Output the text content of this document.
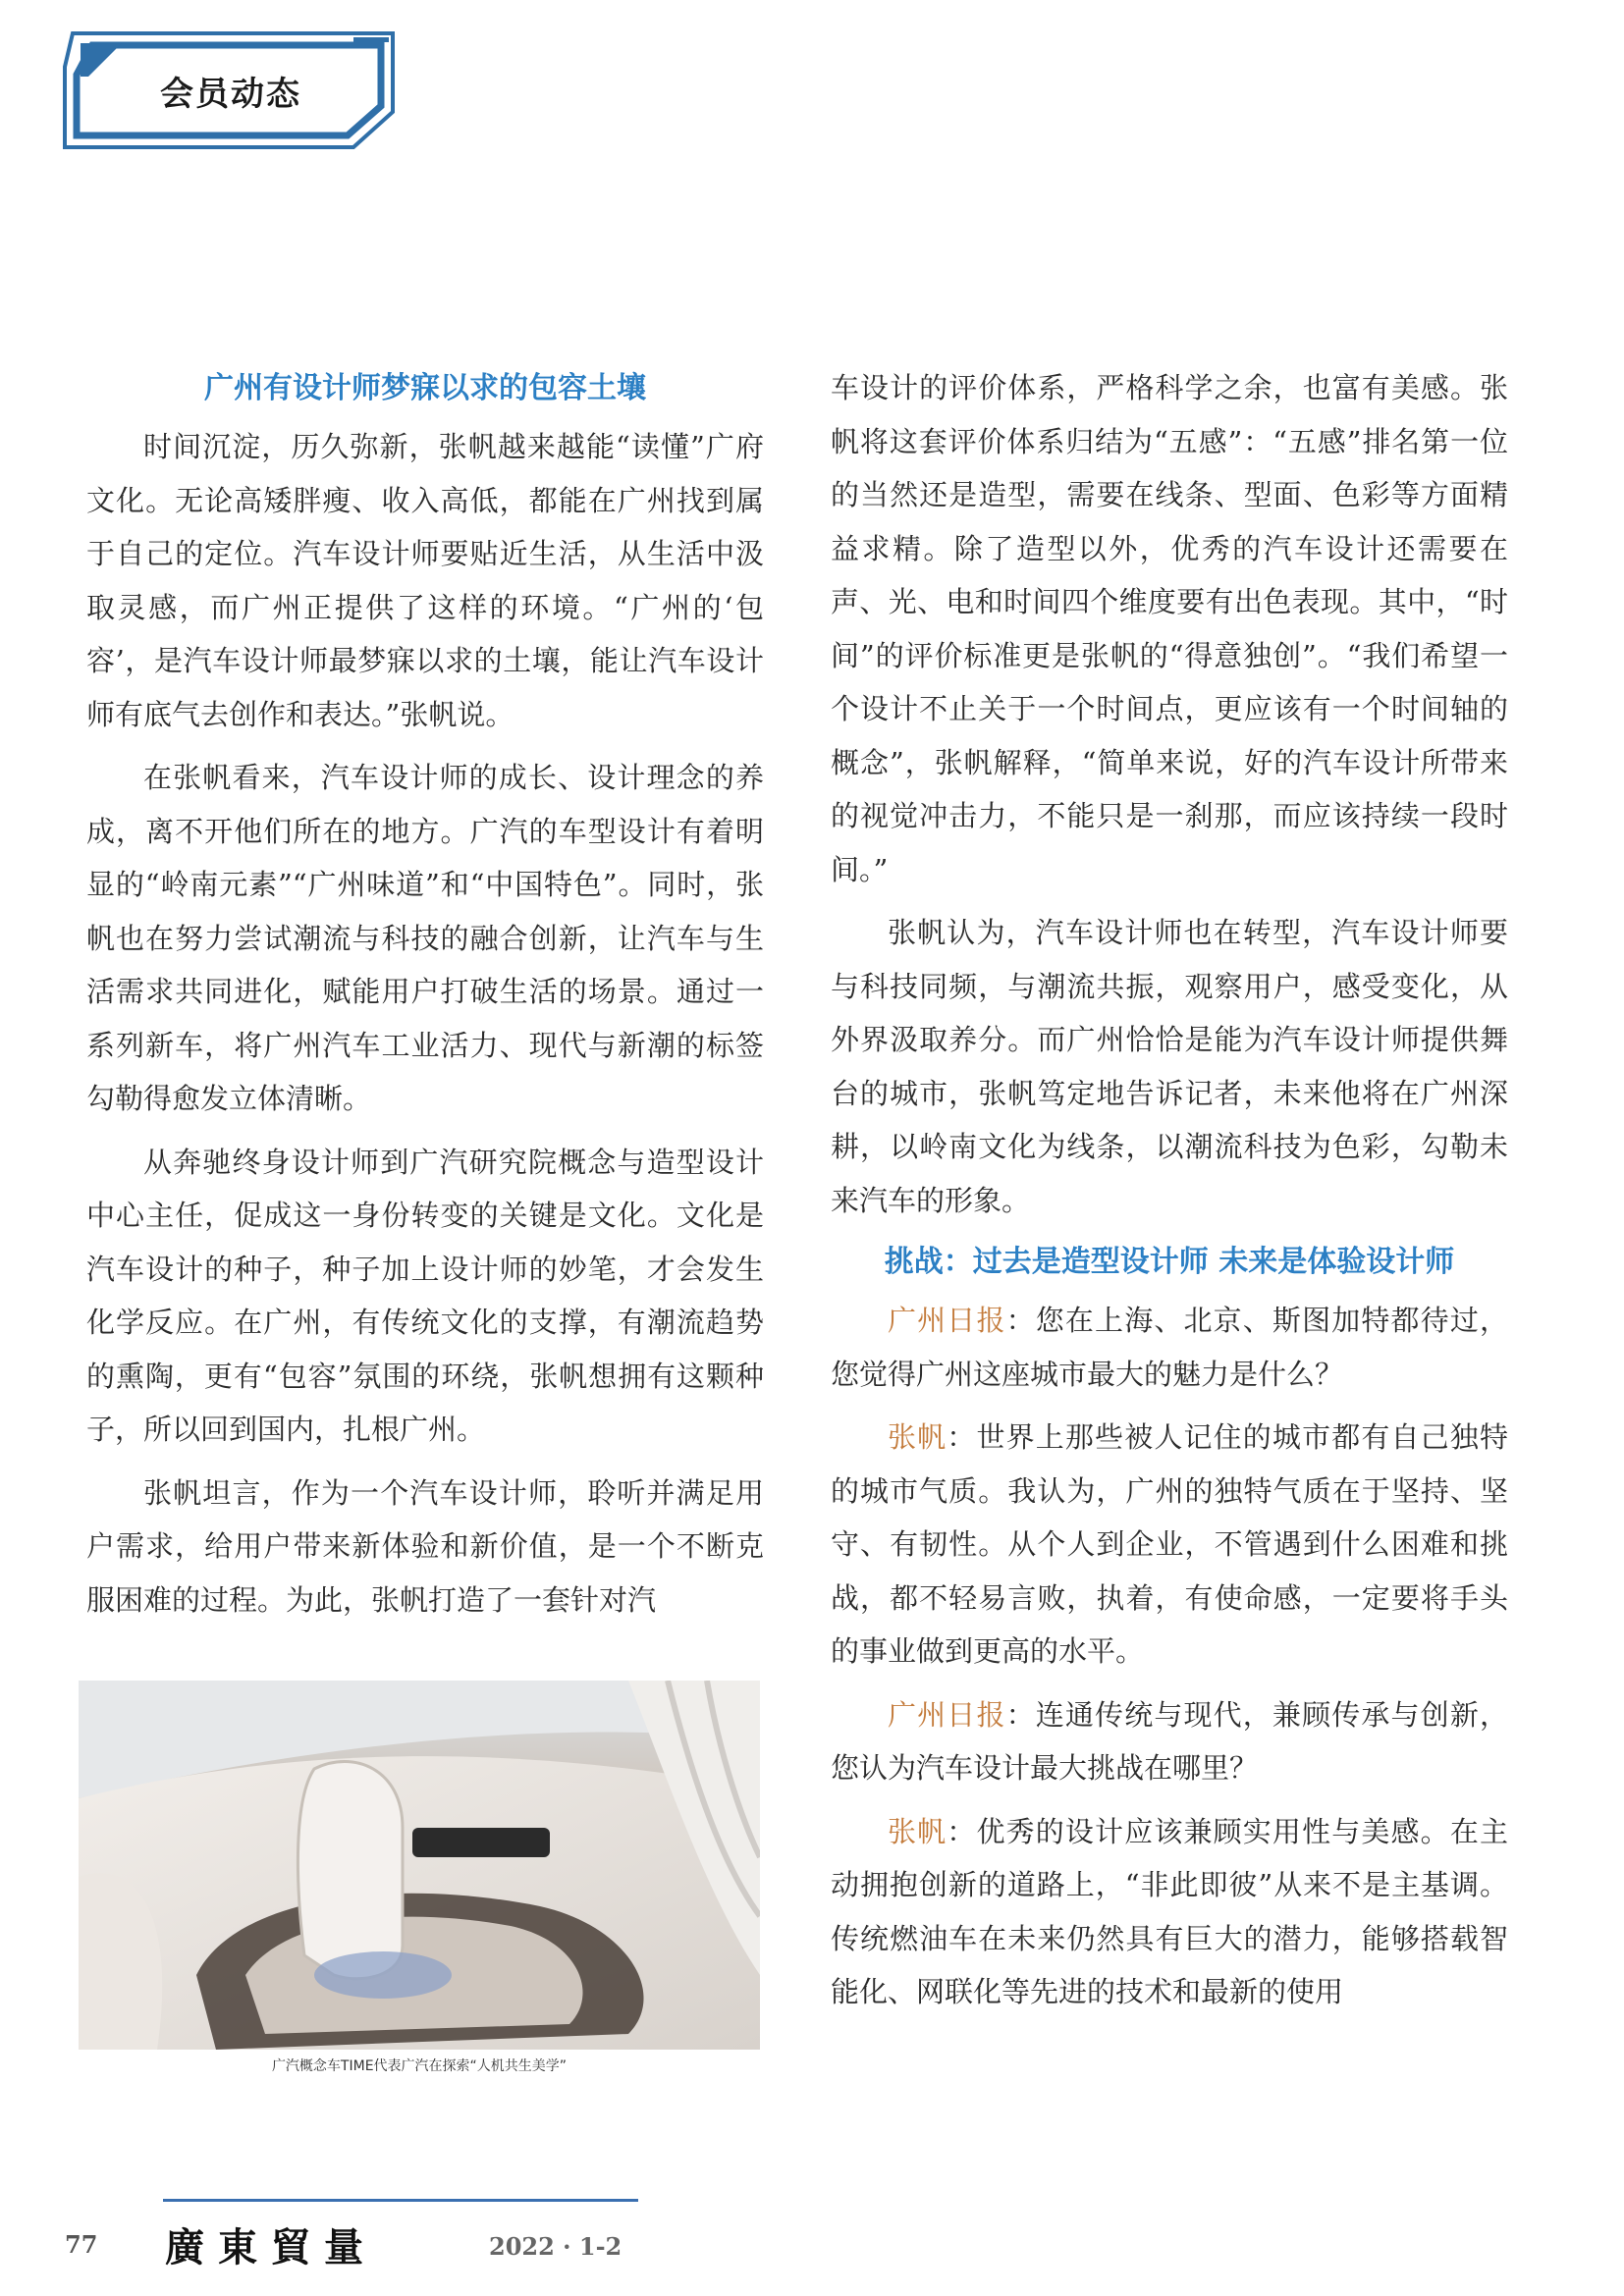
会员动态
广州有设计师梦寐以求的包容土壤

时间沉淀，历久弥新，张帆越来越能“读懂”广府文化。无论高矮胖瘦、收入高低，都能在广州找到属于自己的定位。汽车设计师要贴近生活，从生活中汲取灵感，而广州正提供了这样的环境。“广州的‘包容’，是汽车设计师最梦寐以求的土壤，能让汽车设计师有底气去创作和表达。”张帆说。

在张帆看来，汽车设计师的成长、设计理念的养成，离不开他们所在的地方。广汽的车型设计有着明显的“岭南元素”“广州味道”和“中国特色”。同时，张帆也在努力尝试潮流与科技的融合创新，让汽车与生活需求共同进化，赋能用户打破生活的场景。通过一系列新车，将广州汽车工业活力、现代与新潮的标签勾勒得愈发立体清晰。

从奔驰终身设计师到广汽研究院概念与造型设计中心主任，促成这一身份转变的关键是文化。文化是汽车设计的种子，种子加上设计师的妙笔，才会发生化学反应。在广州，有传统文化的支撑，有潮流趋势的熏陶，更有“包容”氛围的环绕，张帆想拥有这颗种子，所以回到国内，扎根广州。

张帆坦言，作为一个汽车设计师，聆听并满足用户需求，给用户带来新体验和新价值，是一个不断克服困难的过程。为此，张帆打造了一套针对汽

广汽概念车TIME代表广汽在探索“人机共生美学”

车设计的评价体系，严格科学之余，也富有美感。张帆将这套评价体系归结为“五感”：“五感”排名第一位的当然还是造型，需要在线条、型面、色彩等方面精益求精。除了造型以外，优秀的汽车设计还需要在声、光、电和时间四个维度要有出色表现。其中，“时间”的评价标准更是张帆的“得意独创”。“我们希望一个设计不止关于一个时间点，更应该有一个时间轴的概念”，张帆解释，“简单来说，好的汽车设计所带来的视觉冲击力，不能只是一刹那，而应该持续一段时间。”

张帆认为，汽车设计师也在转型，汽车设计师要与科技同频，与潮流共振，观察用户，感受变化，从外界汲取养分。而广州恰恰是能为汽车设计师提供舞台的城市，张帆笃定地告诉记者，未来他将在广州深耕，以岭南文化为线条，以潮流科技为色彩，勾勒未来汽车的形象。

挑战：过去是造型设计师 未来是体验设计师

广州日报：您在上海、北京、斯图加特都待过，您觉得广州这座城市最大的魅力是什么？

张帆：世界上那些被人记住的城市都有自己独特的城市气质。我认为，广州的独特气质在于坚持、坚守、有韧性。从个人到企业，不管遇到什么困难和挑战，都不轻易言败，执着，有使命感，一定要将手头的事业做到更高的水平。

广州日报：连通传统与现代，兼顾传承与创新，您认为汽车设计最大挑战在哪里？

张帆：优秀的设计应该兼顾实用性与美感。在主动拥抱创新的道路上，“非此即彼”从来不是主基调。传统燃油车在未来仍然具有巨大的潜力，能够搭载智能化、网联化等先进的技术和最新的使用

77 廣東貿量	2022 · 1-2
